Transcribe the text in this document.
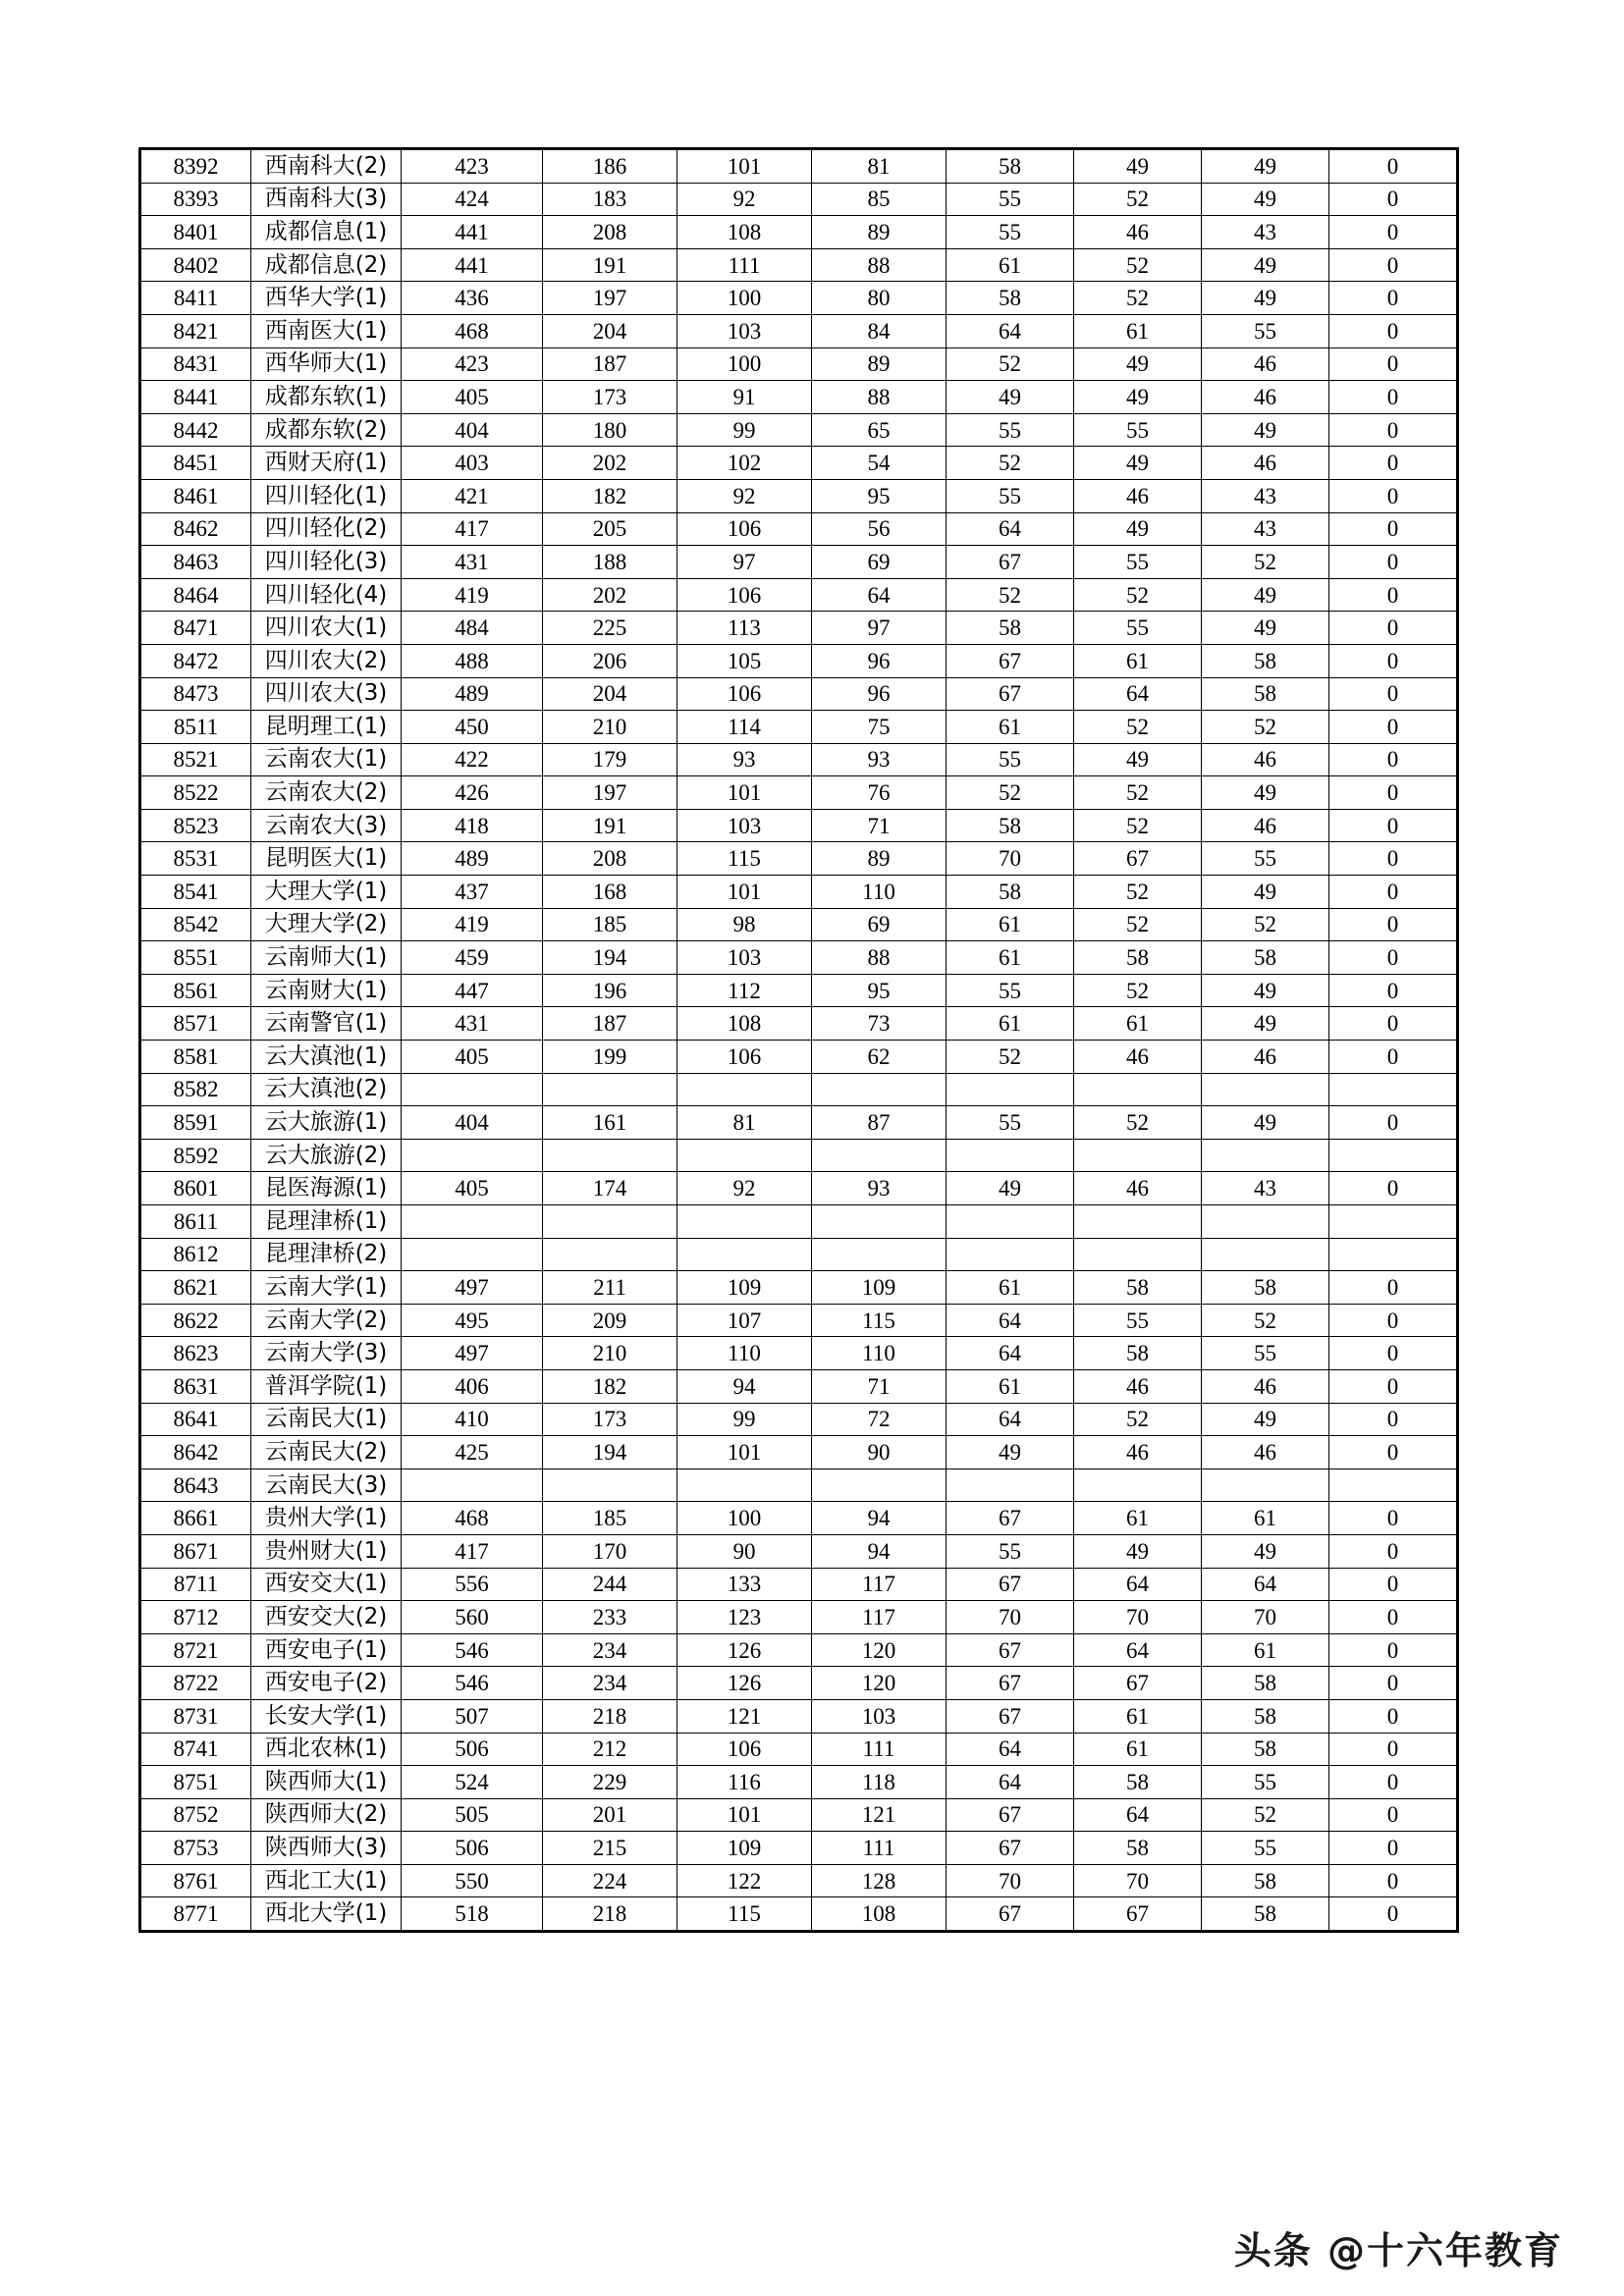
8392	西南科大(2)	423	186	101	81	58	49	49	0
8393	西南科大(3)	424	183	92	85	55	52	49	0
8401	成都信息(1)	441	208	108	89	55	46	43	0
8402	成都信息(2)	441	191	111	88	61	52	49	0
8411	西华大学(1)	436	197	100	80	58	52	49	0
8421	西南医大(1)	468	204	103	84	64	61	55	0
8431	西华师大(1)	423	187	100	89	52	49	46	0
8441	成都东软(1)	405	173	91	88	49	49	46	0
8442	成都东软(2)	404	180	99	65	55	55	49	0
8451	西财天府(1)	403	202	102	54	52	49	46	0
8461	四川轻化(1)	421	182	92	95	55	46	43	0
8462	四川轻化(2)	417	205	106	56	64	49	43	0
8463	四川轻化(3)	431	188	97	69	67	55	52	0
8464	四川轻化(4)	419	202	106	64	52	52	49	0
8471	四川农大(1)	484	225	113	97	58	55	49	0
8472	四川农大(2)	488	206	105	96	67	61	58	0
8473	四川农大(3)	489	204	106	96	67	64	58	0
8511	昆明理工(1)	450	210	114	75	61	52	52	0
8521	云南农大(1)	422	179	93	93	55	49	46	0
8522	云南农大(2)	426	197	101	76	52	52	49	0
8523	云南农大(3)	418	191	103	71	58	52	46	0
8531	昆明医大(1)	489	208	115	89	70	67	55	0
8541	大理大学(1)	437	168	101	110	58	52	49	0
8542	大理大学(2)	419	185	98	69	61	52	52	0
8551	云南师大(1)	459	194	103	88	61	58	58	0
8561	云南财大(1)	447	196	112	95	55	52	49	0
8571	云南警官(1)	431	187	108	73	61	61	49	0
8581	云大滇池(1)	405	199	106	62	52	46	46	0
8582	云大滇池(2)								
8591	云大旅游(1)	404	161	81	87	55	52	49	0
8592	云大旅游(2)								
8601	昆医海源(1)	405	174	92	93	49	46	43	0
8611	昆理津桥(1)								
8612	昆理津桥(2)								
8621	云南大学(1)	497	211	109	109	61	58	58	0
8622	云南大学(2)	495	209	107	115	64	55	52	0
8623	云南大学(3)	497	210	110	110	64	58	55	0
8631	普洱学院(1)	406	182	94	71	61	46	46	0
8641	云南民大(1)	410	173	99	72	64	52	49	0
8642	云南民大(2)	425	194	101	90	49	46	46	0
8643	云南民大(3)								
8661	贵州大学(1)	468	185	100	94	67	61	61	0
8671	贵州财大(1)	417	170	90	94	55	49	49	0
8711	西安交大(1)	556	244	133	117	67	64	64	0
8712	西安交大(2)	560	233	123	117	70	70	70	0
8721	西安电子(1)	546	234	126	120	67	64	61	0
8722	西安电子(2)	546	234	126	120	67	67	58	0
8731	长安大学(1)	507	218	121	103	67	61	58	0
8741	西北农林(1)	506	212	106	111	64	61	58	0
8751	陕西师大(1)	524	229	116	118	64	58	55	0
8752	陕西师大(2)	505	201	101	121	67	64	52	0
8753	陕西师大(3)	506	215	109	111	67	58	55	0
8761	西北工大(1)	550	224	122	128	70	70	58	0
8771	西北大学(1)	518	218	115	108	67	67	58	0
头条 @十六年教育
